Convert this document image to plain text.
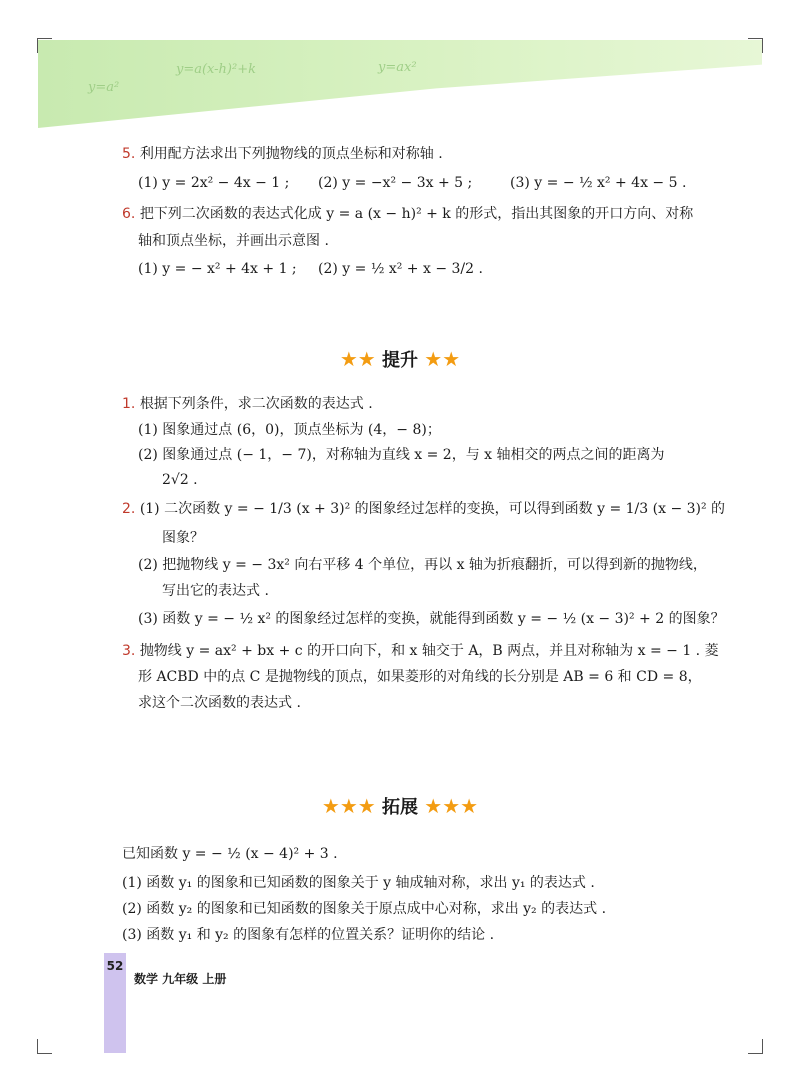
y=a²
y=a(x-h)²+k	y=ax²
5. 利用配方法求出下列抛物线的顶点坐标和对称轴 .
(1) y = 2x² − 4x − 1 ; (2) y = −x² − 3x + 5 ;	(3) y = − ½ x² + 4x − 5 .
6. 把下列二次函数的表达式化成 y = a (x − h)² + k 的形式，指出其图象的开口方向、对称
轴和顶点坐标，并画出示意图 .
(1) y = − x² + 4x + 1 ; (2) y = ½ x² + x − 3/2 .
★★ 提升 ★★
1. 根据下列条件，求二次函数的表达式 .
(1) 图象通过点 (6，0)，顶点坐标为 (4，− 8)；
(2) 图象通过点 (− 1，− 7)，对称轴为直线 x = 2，与 x 轴相交的两点之间的距离为
2√2 .
2. (1) 二次函数 y = − 1/3 (x + 3)² 的图象经过怎样的变换，可以得到函数 y = 1/3 (x − 3)² 的
图象？
(2) 把抛物线 y = − 3x² 向右平移 4 个单位，再以 x 轴为折痕翻折，可以得到新的抛物线，
写出它的表达式 .
(3) 函数 y = − ½ x² 的图象经过怎样的变换，就能得到函数 y = − ½ (x − 3)² + 2 的图象？
3. 抛物线 y = ax² + bx + c 的开口向下，和 x 轴交于 A，B 两点，并且对称轴为 x = − 1 . 菱
形 ACBD 中的点 C 是抛物线的顶点，如果菱形的对角线的长分别是 AB = 6 和 CD = 8，
求这个二次函数的表达式 .
★★★ 拓展 ★★★
已知函数 y = − ½ (x − 4)² + 3 .
(1) 函数 y₁ 的图象和已知函数的图象关于 y 轴成轴对称，求出 y₁ 的表达式 .
(2) 函数 y₂ 的图象和已知函数的图象关于原点成中心对称，求出 y₂ 的表达式 .
(3) 函数 y₁ 和 y₂ 的图象有怎样的位置关系？证明你的结论 .
52
数学 九年级 上册
